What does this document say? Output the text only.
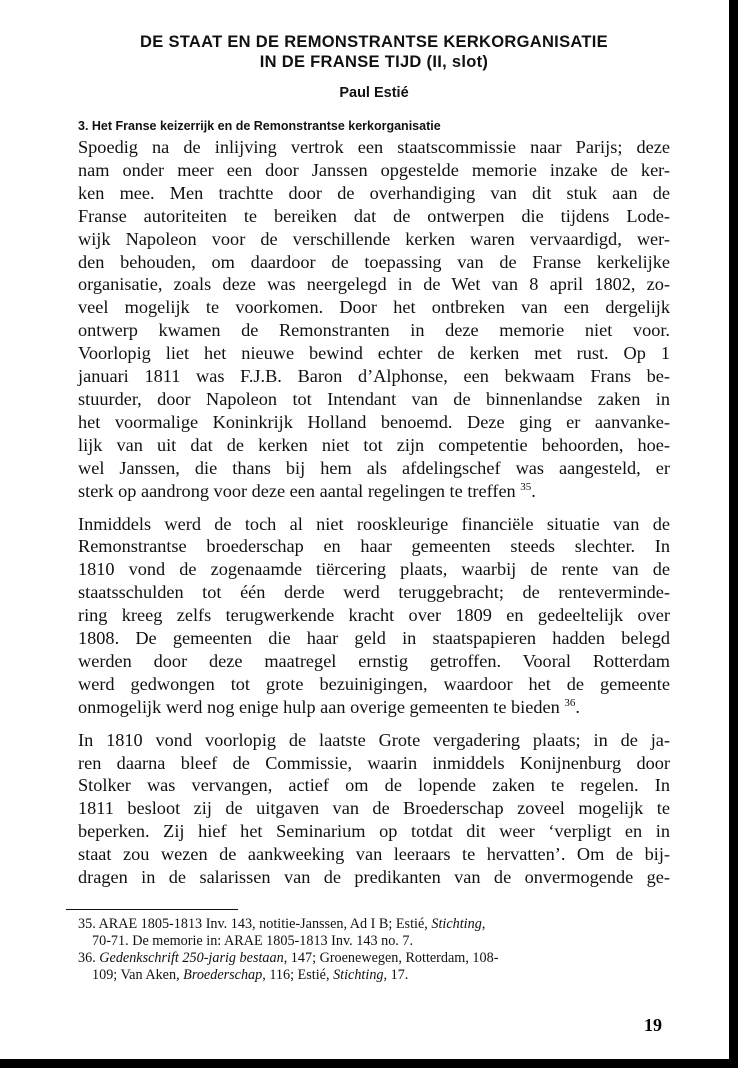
DE STAAT EN DE REMONSTRANTSE KERKORGANISATIE
IN DE FRANSE TIJD (II, slot)
Paul Estié
3. Het Franse keizerrijk en de Remonstrantse kerkorganisatie

Spoedig na de inlijving vertrok een staatscommissie naar Parijs; deze
nam onder meer een door Janssen opgestelde memorie inzake de ker-
ken mee. Men trachtte door de overhandiging van dit stuk aan de
Franse autoriteiten te bereiken dat de ontwerpen die tijdens Lode-
wijk Napoleon voor de verschillende kerken waren vervaardigd, wer-
den behouden, om daardoor de toepassing van de Franse kerkelijke
organisatie, zoals deze was neergelegd in de Wet van 8 april 1802, zo-
veel mogelijk te voorkomen. Door het ontbreken van een dergelijk
ontwerp kwamen de Remonstranten in deze memorie niet voor.
Voorlopig liet het nieuwe bewind echter de kerken met rust. Op 1
januari 1811 was F.J.B. Baron d’Alphonse, een bekwaam Frans be-
stuurder, door Napoleon tot Intendant van de binnenlandse zaken in
het voormalige Koninkrijk Holland benoemd. Deze ging er aanvanke-
lijk van uit dat de kerken niet tot zijn competentie behoorden, hoe-
wel Janssen, die thans bij hem als afdelingschef was aangesteld, er
sterk op aandrong voor deze een aantal regelingen te treffen $^{35}$.

Inmiddels werd de toch al niet rooskleurige financiële situatie van de
Remonstrantse broederschap en haar gemeenten steeds slechter. In
1810 vond de zogenaamde tiërcering plaats, waarbij de rente van de
staatsschulden tot één derde werd teruggebracht; de renteverminde-
ring kreeg zelfs terugwerkende kracht over 1809 en gedeeltelijk over
1808. De gemeenten die haar geld in staatspapieren hadden belegd
werden door deze maatregel ernstig getroffen. Vooral Rotterdam
werd gedwongen tot grote bezuinigingen, waardoor het de gemeente
onmogelijk werd nog enige hulp aan overige gemeenten te bieden $^{36}$.

In 1810 vond voorlopig de laatste Grote vergadering plaats; in de ja-
ren daarna bleef de Commissie, waarin inmiddels Konijnenburg door
Stolker was vervangen, actief om de lopende zaken te regelen. In
1811 besloot zij de uitgaven van de Broederschap zoveel mogelijk te
beperken. Zij hief het Seminarium op totdat dit weer ‘verpligt en in
staat zou wezen de aankweeking van leeraars te hervatten’. Om de bij-
dragen in de salarissen van de predikanten van de onvermogende ge-

35. ARAE 1805-1813 Inv. 143, notitie-Janssen, Ad I B; Estié, Stichting,
70-71. De memorie in: ARAE 1805-1813 Inv. 143 no. 7.
36. Gedenkschrift 250-jarig bestaan, 147; Groenewegen, Rotterdam, 108-
109; Van Aken, Broederschap, 116; Estié, Stichting, 17.
19
